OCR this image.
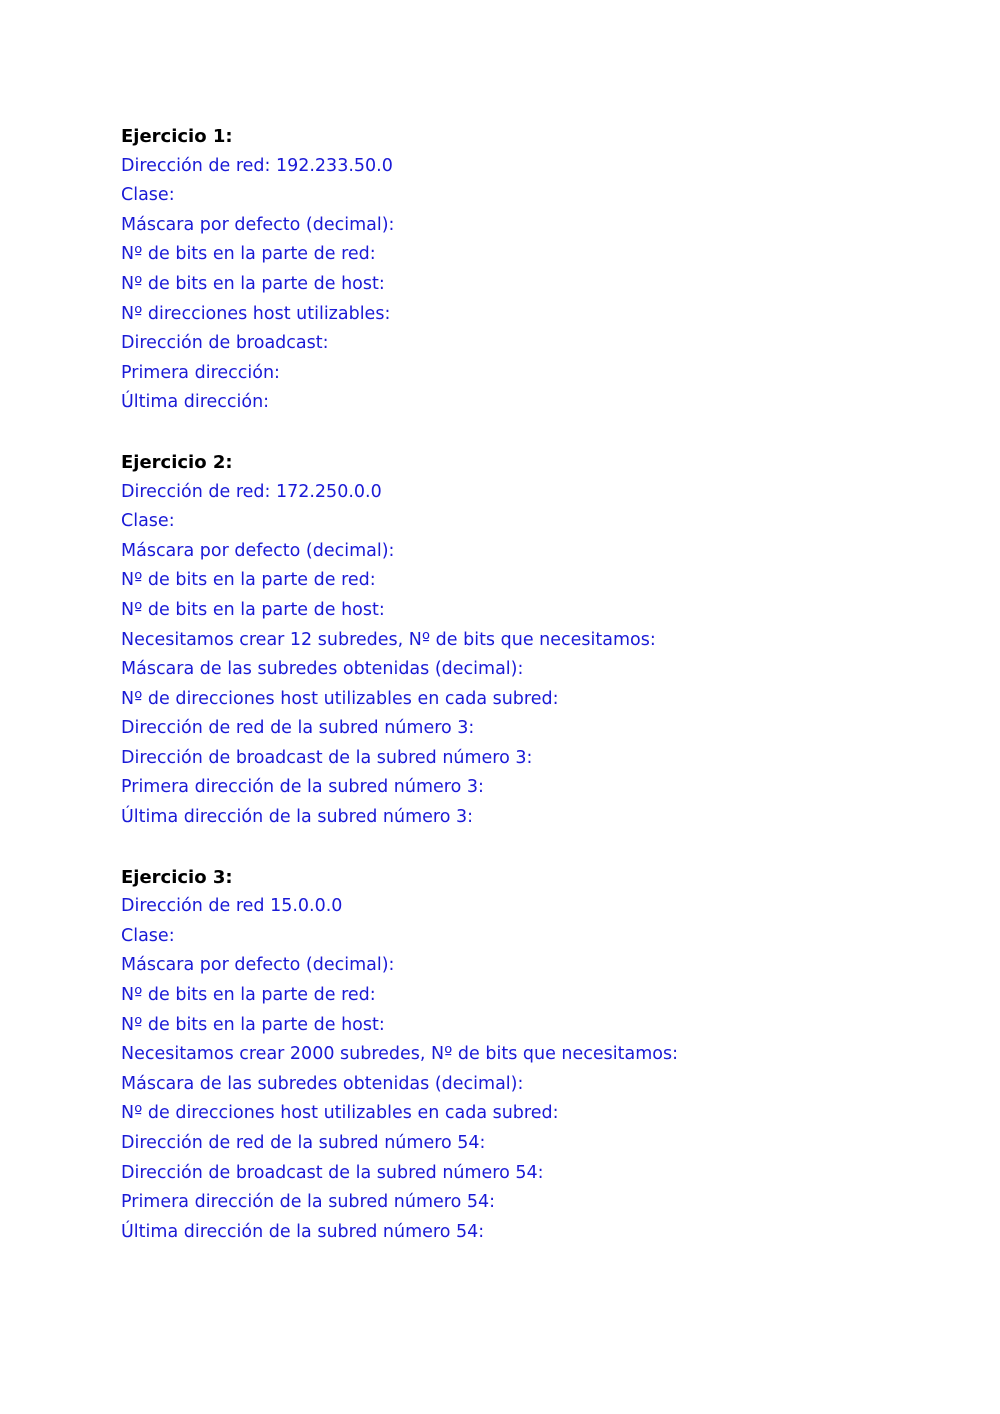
Ejercicio 1:

Dirección de red: 192.233.50.0

Clase:

Máscara por defecto (decimal):

Nº de bits en la parte de red:

Nº de bits en la parte de host:

Nº direcciones host utilizables:

Dirección de broadcast:

Primera dirección:

Última dirección:

Ejercicio 2:

Dirección de red: 172.250.0.0

Clase:

Máscara por defecto (decimal):

Nº de bits en la parte de red:

Nº de bits en la parte de host:

Necesitamos crear 12 subredes, Nº de bits que necesitamos:

Máscara de las subredes obtenidas (decimal):

Nº de direcciones host utilizables en cada subred:

Dirección de red de la subred número 3:

Dirección de broadcast de la subred número 3:

Primera dirección de la subred número 3:

Última dirección de la subred número 3:

Ejercicio 3:

Dirección de red 15.0.0.0

Clase:

Máscara por defecto (decimal):

Nº de bits en la parte de red:

Nº de bits en la parte de host:

Necesitamos crear 2000 subredes, Nº de bits que necesitamos:

Máscara de las subredes obtenidas (decimal):

Nº de direcciones host utilizables en cada subred:

Dirección de red de la subred número 54:

Dirección de broadcast de la subred número 54:

Primera dirección de la subred número 54:

Última dirección de la subred número 54:
